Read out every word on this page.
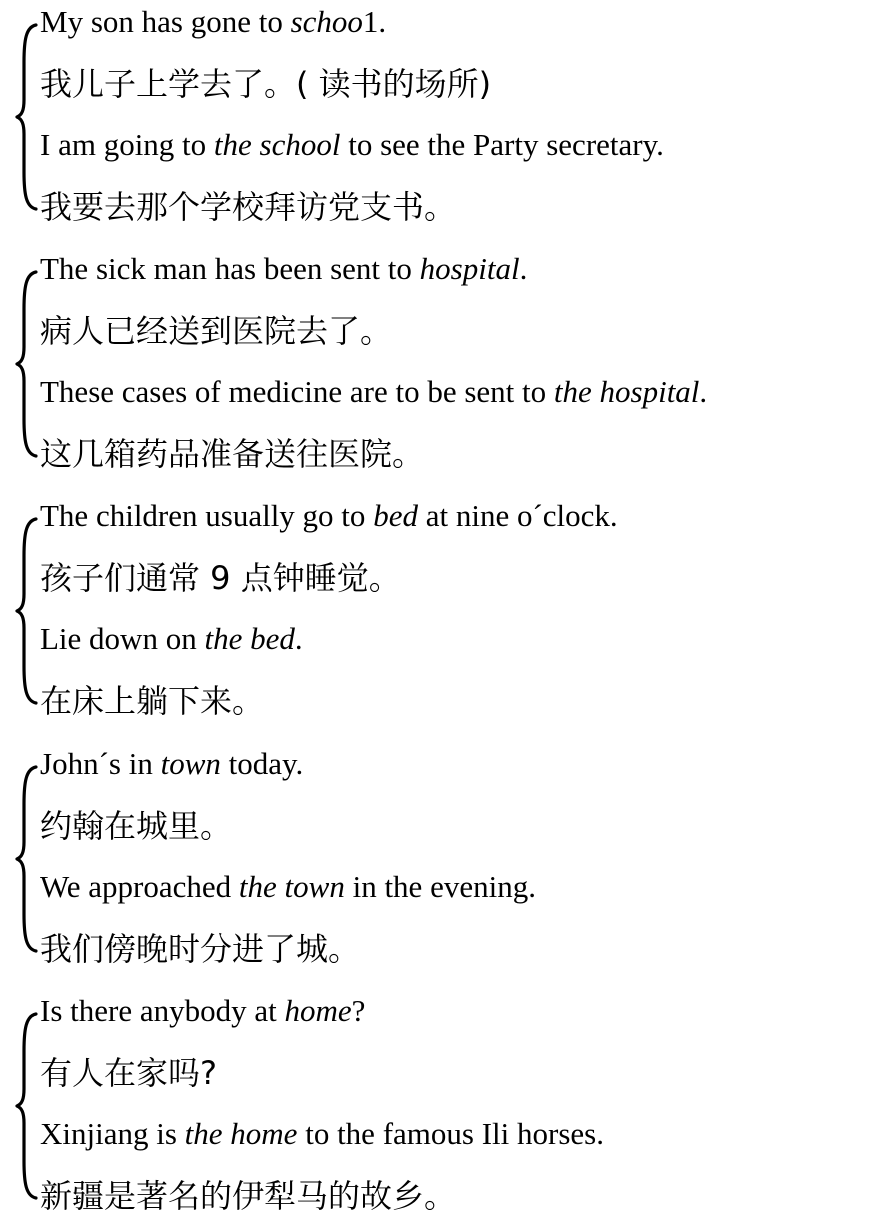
My son has gone to schoo1.
我儿子上学去了。( 读书的场所)
I am going to the school to see the Party secretary.
我要去那个学校拜访党支书。
The sick man has been sent to hospital.
病人已经送到医院去了。
These cases of medicine are to be sent to the hospital.
这几箱药品准备送往医院。
The children usually go to bed at nine o´clock.
孩子们通常 9 点钟睡觉。
Lie down on the bed.
在床上躺下来。
John´s in town today.
约翰在城里。
We approached the town in the evening.
我们傍晚时分进了城。
Is there anybody at home?
有人在家吗?
Xinjiang is the home to the famous Ili horses.
新疆是著名的伊犁马的故乡。
